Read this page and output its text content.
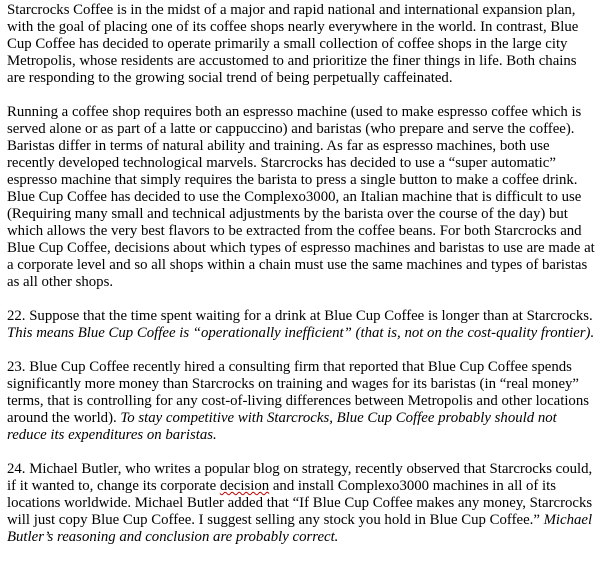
Starcrocks Coffee is in the midst of a major and rapid national and international expansion plan, with the goal of placing one of its coffee shops nearly everywhere in the world. In contrast, Blue Cup Coffee has decided to operate primarily a small collection of coffee shops in the large city Metropolis, whose residents are accustomed to and prioritize the finer things in life. Both chains are responding to the growing social trend of being perpetually caffeinated.

Running a coffee shop requires both an espresso machine (used to make espresso coffee which is served alone or as part of a latte or cappuccino) and baristas (who prepare and serve the coffee). Baristas differ in terms of natural ability and training. As far as espresso machines, both use recently developed technological marvels. Starcrocks has decided to use a “super automatic” espresso machine that simply requires the barista to press a single button to make a coffee drink. Blue Cup Coffee has decided to use the Complexo3000, an Italian machine that is difficult to use (Requiring many small and technical adjustments by the barista over the course of the day) but which allows the very best flavors to be extracted from the coffee beans. For both Starcrocks and Blue Cup Coffee, decisions about which types of espresso machines and baristas to use are made at a corporate level and so all shops within a chain must use the same machines and types of baristas as all other shops.

22. Suppose that the time spent waiting for a drink at Blue Cup Coffee is longer than at Starcrocks. This means Blue Cup Coffee is “operationally inefficient” (that is, not on the cost-quality frontier).

23. Blue Cup Coffee recently hired a consulting firm that reported that Blue Cup Coffee spends significantly more money than Starcrocks on training and wages for its baristas (in “real money” terms, that is controlling for any cost-of-living differences between Metropolis and other locations around the world). To stay competitive with Starcrocks, Blue Cup Coffee probably should not reduce its expenditures on baristas.

24. Michael Butler, who writes a popular blog on strategy, recently observed that Starcrocks could, if it wanted to, change its corporate decision and install Complexo3000 machines in all of its locations worldwide. Michael Butler added that “If Blue Cup Coffee makes any money, Starcrocks will just copy Blue Cup Coffee. I suggest selling any stock you hold in Blue Cup Coffee.” Michael Butler’s reasoning and conclusion are probably correct.
